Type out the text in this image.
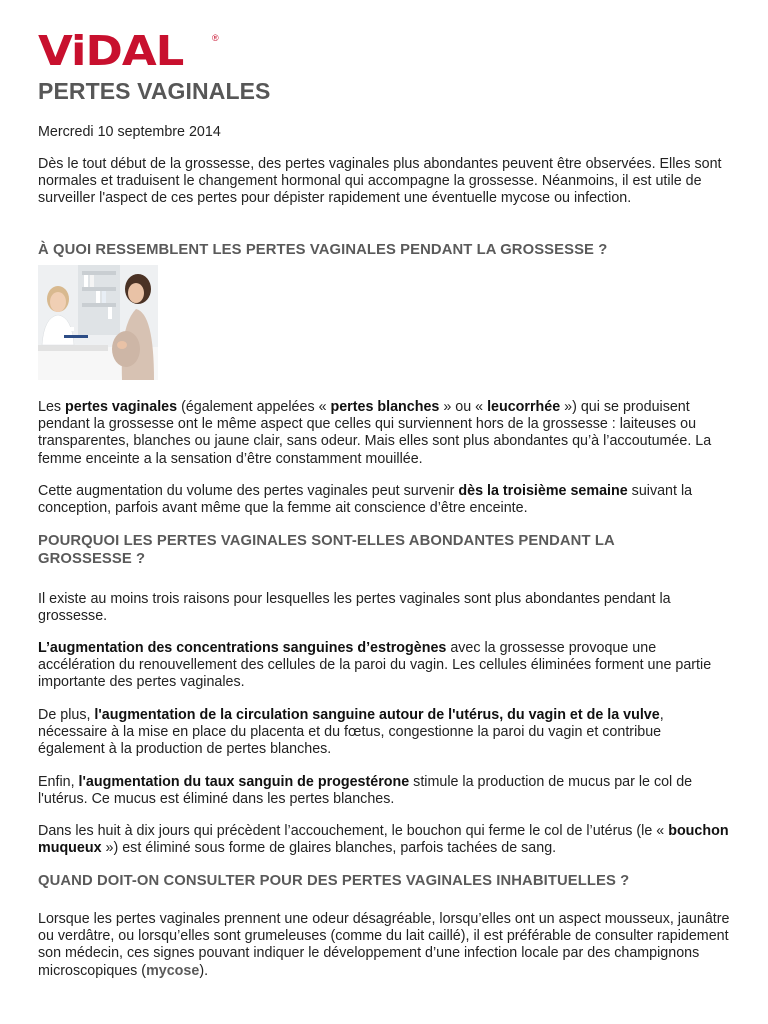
ViDAL	®
PERTES VAGINALES

Mercredi 10 septembre 2014

Dès le tout début de la grossesse, des pertes vaginales plus abondantes peuvent être observées. Elles sont normales et traduisent le changement hormonal qui accompagne la grossesse. Néanmoins, il est utile de surveiller l'aspect de ces pertes pour dépister rapidement une éventuelle mycose ou infection.

À QUOI RESSEMBLENT LES PERTES VAGINALES PENDANT LA GROSSESSE ?

Les pertes vaginales (également appelées « pertes blanches » ou « leucorrhée ») qui se produisent pendant la grossesse ont le même aspect que celles qui surviennent hors de la grossesse : laiteuses ou transparentes, blanches ou jaune clair, sans odeur. Mais elles sont plus abondantes qu’à l’accoutumée. La femme enceinte a la sensation d’être constamment mouillée.

Cette augmentation du volume des pertes vaginales peut survenir dès la troisième semaine suivant la conception, parfois avant même que la femme ait conscience d’être enceinte.

POURQUOI LES PERTES VAGINALES SONT-ELLES ABONDANTES PENDANT LA GROSSESSE ?

Il existe au moins trois raisons pour lesquelles les pertes vaginales sont plus abondantes pendant la grossesse.

L’augmentation des concentrations sanguines d’estrogènes avec la grossesse provoque une accélération du renouvellement des cellules de la paroi du vagin. Les cellules éliminées forment une partie importante des pertes vaginales.

De plus, l'augmentation de la circulation sanguine autour de l'utérus, du vagin et de la vulve, nécessaire à la mise en place du placenta et du fœtus, congestionne la paroi du vagin et contribue également à la production de pertes blanches.

Enfin, l'augmentation du taux sanguin de progestérone stimule la production de mucus par le col de l'utérus. Ce mucus est éliminé dans les pertes blanches.

Dans les huit à dix jours qui précèdent l’accouchement, le bouchon qui ferme le col de l’utérus (le « bouchon muqueux ») est éliminé sous forme de glaires blanches, parfois tachées de sang.

QUAND DOIT-ON CONSULTER POUR DES PERTES VAGINALES INHABITUELLES ?

Lorsque les pertes vaginales prennent une odeur désagréable, lorsqu’elles ont un aspect mousseux, jaunâtre ou verdâtre, ou lorsqu’elles sont grumeleuses (comme du lait caillé), il est préférable de consulter rapidement son médecin, ces signes pouvant indiquer le développement d’une infection locale par des champignons microscopiques (mycose).
